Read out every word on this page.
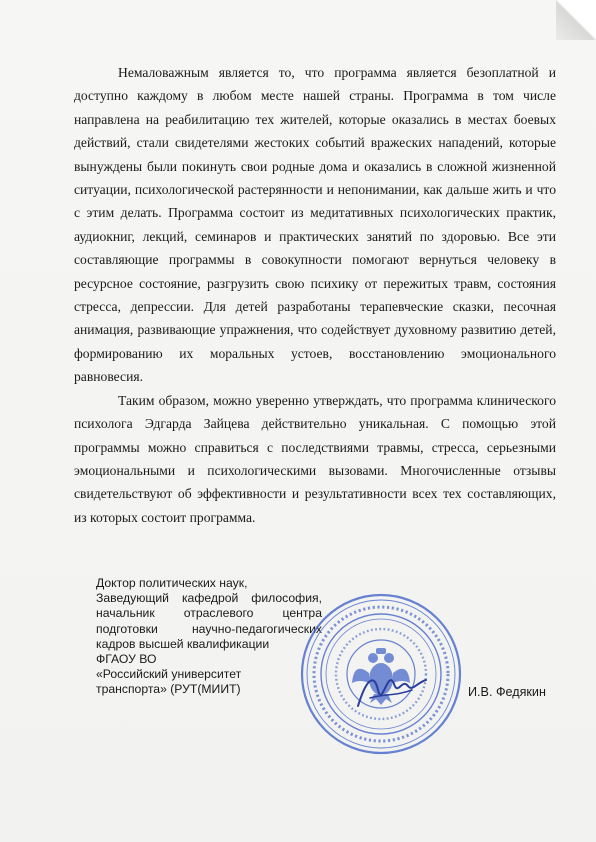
Немаловажным является то, что программа является безоплатной и доступно каждому в любом месте нашей страны. Программа в том числе направлена на реабилитацию тех жителей, которые оказались в местах боевых действий, стали свидетелями жестоких событий вражеских нападений, которые вынуждены были покинуть свои родные дома и оказались в сложной жизненной ситуации, психологической растерянности и непонимании, как дальше жить и что с этим делать. Программа состоит из медитативных психологических практик, аудиокниг, лекций, семинаров и практических занятий по здоровью. Все эти составляющие программы в совокупности помогают вернуться человеку в ресурсное состояние, разгрузить свою психику от пережитых травм, состояния стресса, депрессии. Для детей разработаны терапевческие сказки, песочная анимация, развивающие упражнения, что содействует духовному развитию детей, формированию их моральных устоев, восстановлению эмоционального равновесия.

Таким образом, можно уверенно утверждать, что программа клинического психолога Эдгарда Зайцева действительно уникальная. С помощью этой программы можно справиться с последствиями травмы, стресса, серьезными эмоциональными и психологическими вызовами. Многочисленные отзывы свидетельствуют об эффективности и результативности всех тех составляющих, из которых состоит программа.

Доктор политических наук,
Заведующий кафедрой философия,
начальник отраслевого центра
подготовки научно-педагогических
кадров высшей квалификации
ФГАОУ ВО
«Российский университет
транспорта» (РУТ(МИИТ)	И.В. Федякин
